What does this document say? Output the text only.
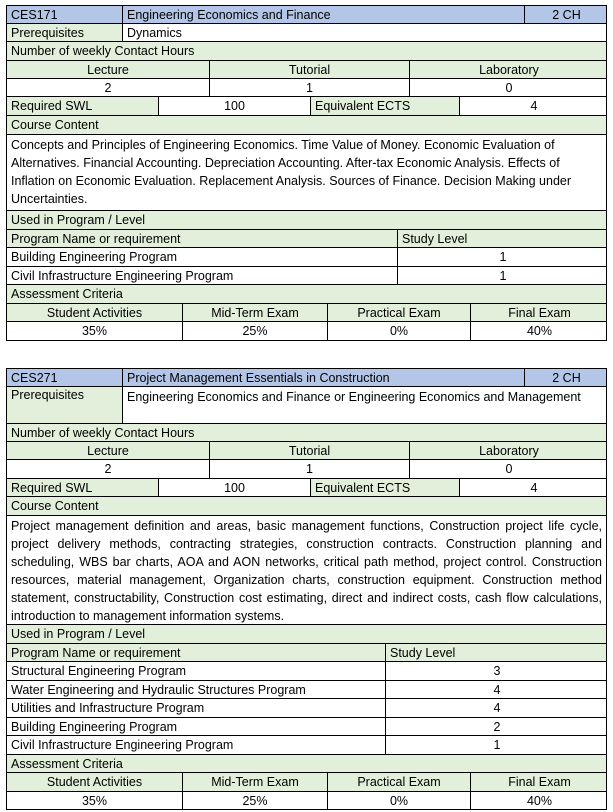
CES171	Engineering Economics and Finance	2 CH
Prerequisites	Dynamics
Number of weekly Contact Hours
Lecture	Tutorial	Laboratory
2	1	0
Required SWL	100	Equivalent ECTS	4
Course Content
Concepts and Principles of Engineering Economics. Time Value of Money. Economic Evaluation of Alternatives. Financial Accounting. Depreciation Accounting. After-tax Economic Analysis. Effects of Inflation on Economic Evaluation. Replacement Analysis. Sources of Finance. Decision Making under Uncertainties.
Used in Program / Level
Program Name or requirement	Study Level
Building Engineering Program	1
Civil Infrastructure Engineering Program	1
Assessment Criteria
Student Activities	Mid-Term Exam	Practical Exam	Final Exam
35%	25%	0%	40%
CES271	Project Management Essentials in Construction	2 CH
Prerequisites	Engineering Economics and Finance or Engineering Economics and Management
Number of weekly Contact Hours
Lecture	Tutorial	Laboratory
2	1	0
Required SWL	100	Equivalent ECTS	4
Course Content
Project management definition and areas, basic management functions, Construction project life cycle, project delivery methods, contracting strategies, construction contracts. Construction planning and scheduling, WBS bar charts, AOA and AON networks, critical path method, project control. Construction resources, material management, Organization charts, construction equipment. Construction method statement, constructability, Construction cost estimating, direct and indirect costs, cash flow calculations, introduction to management information systems.
Used in Program / Level
Program Name or requirement	Study Level
Structural Engineering Program	3
Water Engineering and Hydraulic Structures Program	4
Utilities and Infrastructure Program	4
Building Engineering Program	2
Civil Infrastructure Engineering Program	1
Assessment Criteria
Student Activities	Mid-Term Exam	Practical Exam	Final Exam
35%	25%	0%	40%
